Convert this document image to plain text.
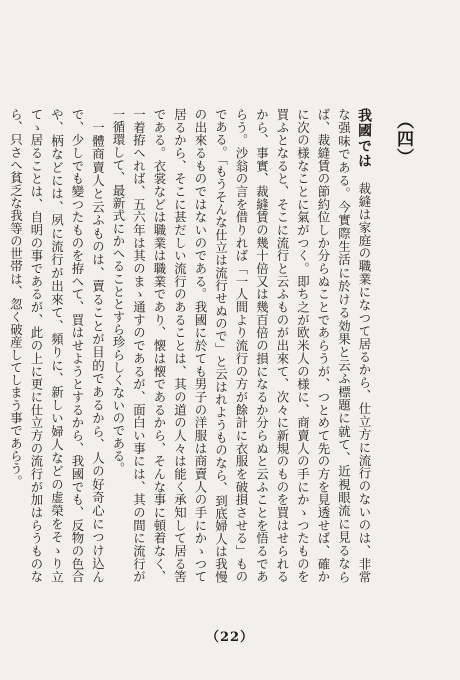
（四）

我國では　裁縫は家庭の職業になつて居るから、仕立方に流行のないのは、非常な强味である。今實際生活に於ける効果と云ふ標題に就て、近視眼流に見るならば、裁縫賃の節約位しか分らぬことであらうが、つとめて先の方を見透せば、確かに次の様なことに氣がつく。即ち之が欧米人の様に、商賣人の手にかゝつたものを買ふとなると、そこに流行と云ふものが出來て、次々に新規のものを買はせられるから、事實、裁縫賃の幾十倍又は幾百倍の損になるか分らぬと云ふことを悟るであらう。沙翁の言を借りれば「一人間より流行の方が餘計に衣服を破損させる」ものである。「もうそんな仕立は流行せぬので」と云はれようものなら、到底婦人は我慢の出來るものではないのである。我國に於ても男子の洋服は商賣人の手にかゝつて居るから、そこに甚だしい流行のあることは、其の道の人々は能く承知して居る筈である。衣裳などは職業は職業であり、懐は懐であるから、そんな事に頓着なく、一着拵へれば、五六年は其のまゝ通すのであるが、面白い事には、其の間に流行が一循環して、最新式にかへることとすら珍らしくないのである。

　一體商賣人と云ふものは、賣ることが目的であるから、人の好奇心につけ込んで、少しでも變つたものを拵へて、買はせようとするから、我國でも、反物の色合や、柄などには、夙に流行が出來て、頻りに、新しい婦人などの虚榮をそゝり立てゝ居ることは、自明の事であるが、此の上に更に仕立方の流行が加はらうものなら、只さへ貧乏な我等の世帯は、忽く破産してしまう事であらう。

（22）
